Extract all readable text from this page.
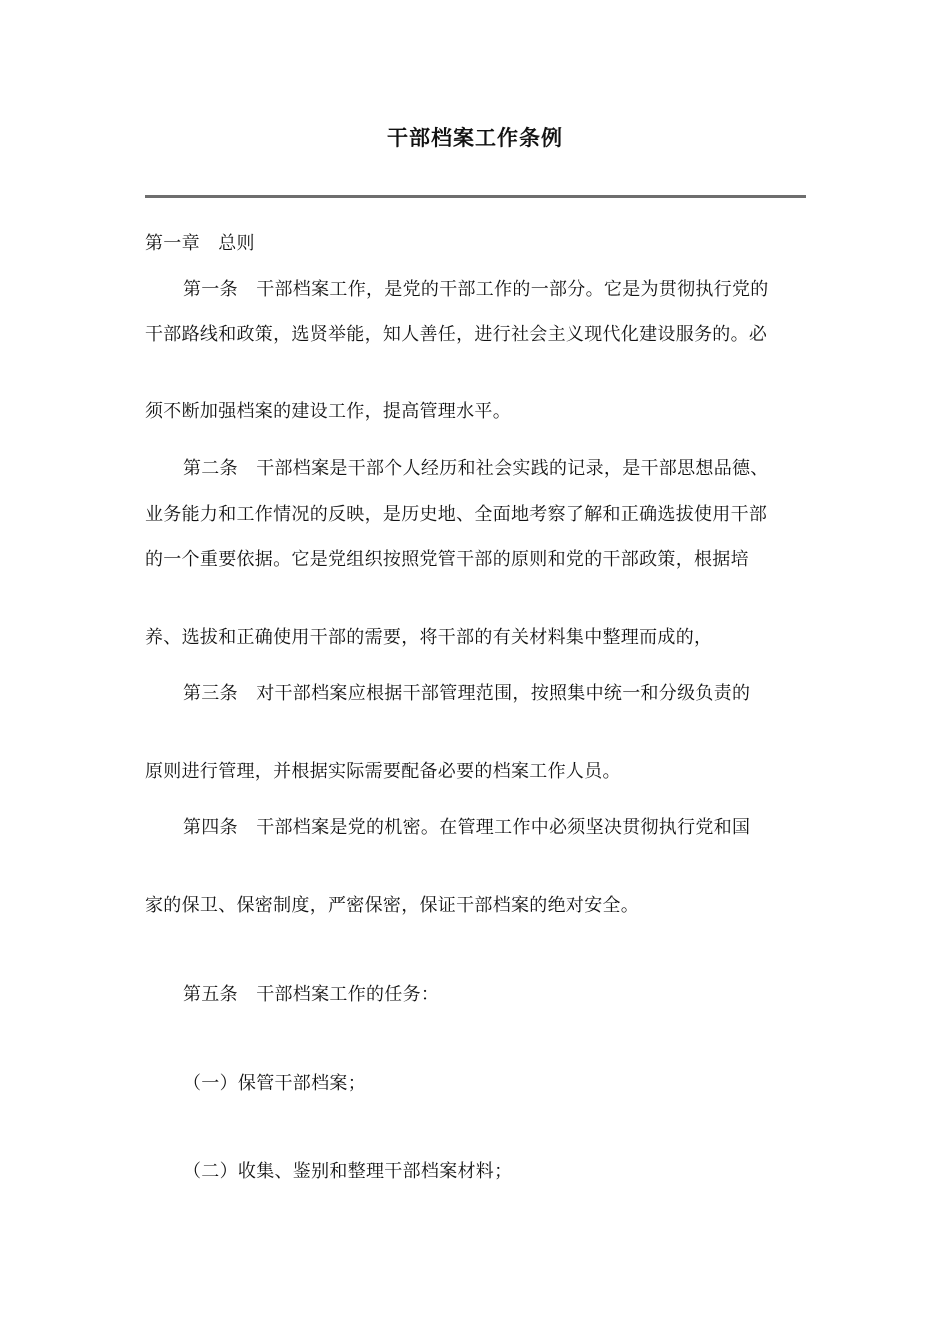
干部档案工作条例
第一章　总则
第一条　干部档案工作，是党的干部工作的一部分。它是为贯彻执行党的
干部路线和政策，选贤举能，知人善任，进行社会主义现代化建设服务的。必
须不断加强档案的建设工作，提高管理水平。
第二条　干部档案是干部个人经历和社会实践的记录，是干部思想品德、
业务能力和工作情况的反映，是历史地、全面地考察了解和正确选拔使用干部
的一个重要依据。它是党组织按照党管干部的原则和党的干部政策，根据培
养、选拔和正确使用干部的需要，将干部的有关材料集中整理而成的，
第三条　对干部档案应根据干部管理范围，按照集中统一和分级负责的
原则进行管理，并根据实际需要配备必要的档案工作人员。
第四条　干部档案是党的机密。在管理工作中必须坚决贯彻执行党和国
家的保卫、保密制度，严密保密，保证干部档案的绝对安全。
第五条　干部档案工作的任务：
（一）保管干部档案；
（二）收集、鉴别和整理干部档案材料；
